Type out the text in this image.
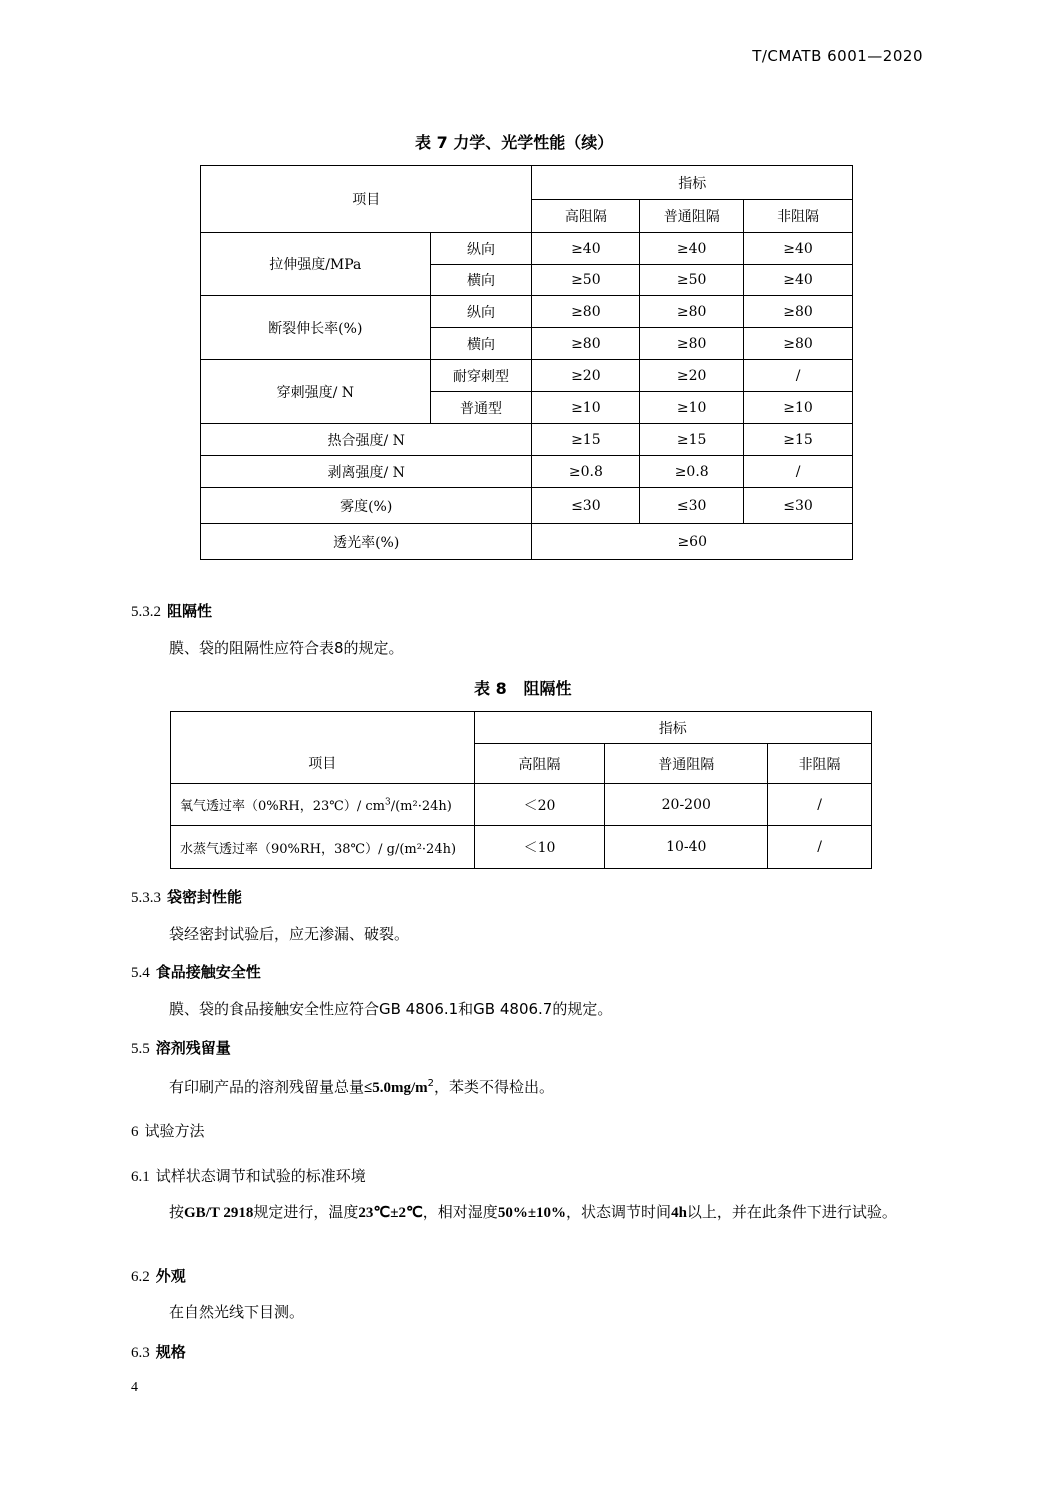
T/CMATB 6001—2020
表 7 力学、光学性能（续）
项目		指标		
		高阻隔	普通阻隔	非阻隔
拉伸强度/MPa	纵向	≥40	≥40	≥40
	横向	≥50	≥50	≥40
断裂伸长率(%)	纵向	≥80	≥80	≥80
	横向	≥80	≥80	≥80
穿刺强度/ N	耐穿刺型	≥20	≥20	/
	普通型	≥10	≥10	≥10
热合强度/ N		≥15	≥15	≥15
剥离强度/ N		≥0.8	≥0.8	/
雾度(%)		≤30	≤30	≤30
透光率(%)		≥60		
5.3.2 阻隔性
膜、袋的阻隔性应符合表8的规定。
表 8 阻隔性
项目	指标		
	高阻隔	普通阻隔	非阻隔
氧气透过率（0%RH，23℃）/ $cm^3/(m^2\cdot 24h)$	＜20	20-200	/
水蒸气透过率（90%RH，38℃）/ g/(m²·24h)	＜10	10-40	/
5.3.3 袋密封性能
袋经密封试验后，应无渗漏、破裂。
5.4 食品接触安全性
膜、袋的食品接触安全性应符合GB 4806.1和GB 4806.7的规定。
5.5 溶剂残留量
有印刷产品的溶剂残留量总量$\le 5.0mg/m^2$，苯类不得检出。
6 试验方法
6.1 试样状态调节和试验的标准环境
按GB/T 2918规定进行，温度23℃±2℃，相对湿度50%±10%，状态调节时间4h以上，并在此条件下进行试验。
6.2 外观
在自然光线下目测。
6.3 规格
4
